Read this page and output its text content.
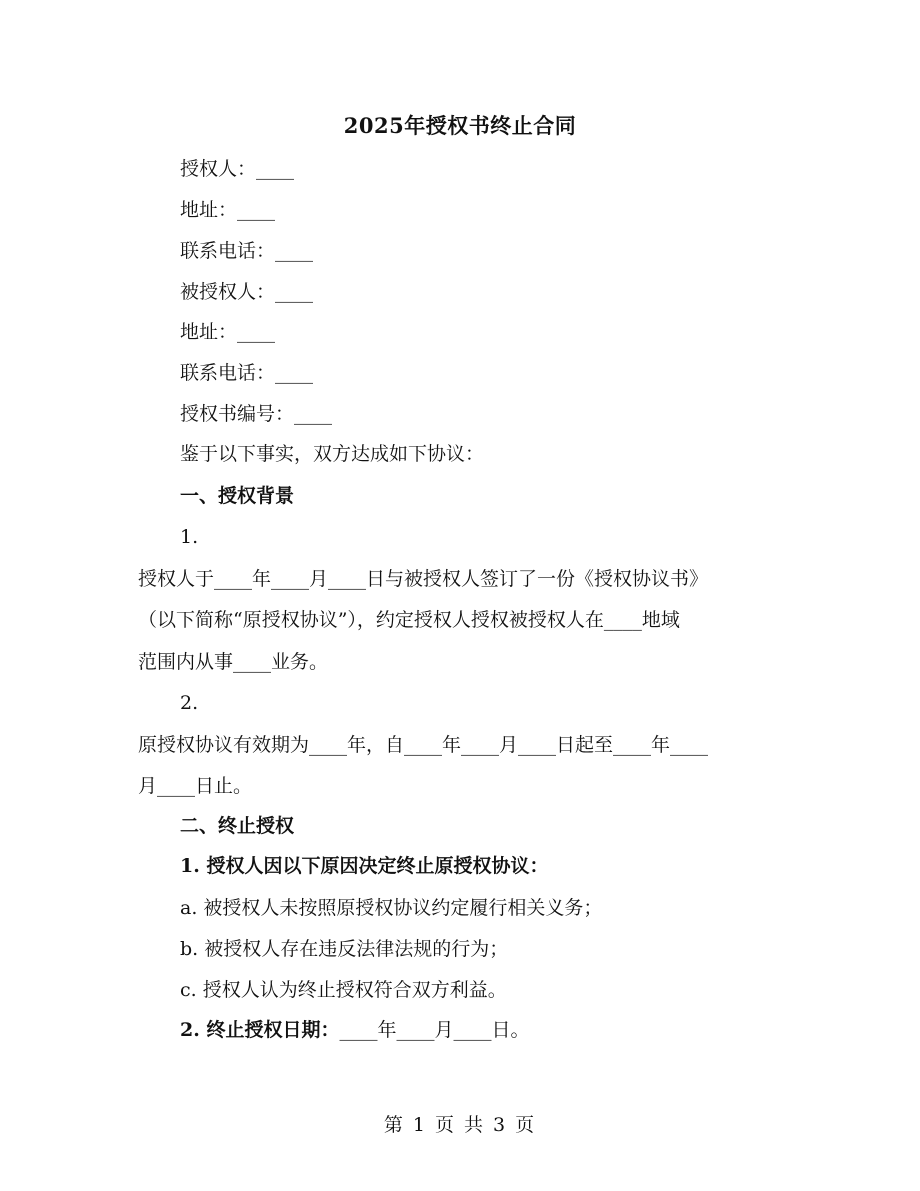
2025年授权书终止合同
授权人：____
地址：____
联系电话：____
被授权人：____
地址：____
联系电话：____
授权书编号：____
鉴于以下事实，双方达成如下协议：
一、授权背景
1.
授权人于____年____月____日与被授权人签订了一份《授权协议书》
（以下简称“原授权协议”），约定授权人授权被授权人在____地域
范围内从事____业务。
2.
原授权协议有效期为____年，自____年____月____日起至____年____
月____日止。
二、终止授权
1. 授权人因以下原因决定终止原授权协议：
a. 被授权人未按照原授权协议约定履行相关义务；
b. 被授权人存在违反法律法规的行为；
c. 授权人认为终止授权符合双方利益。
2. 终止授权日期：____年____月____日。
第 1 页 共 3 页
